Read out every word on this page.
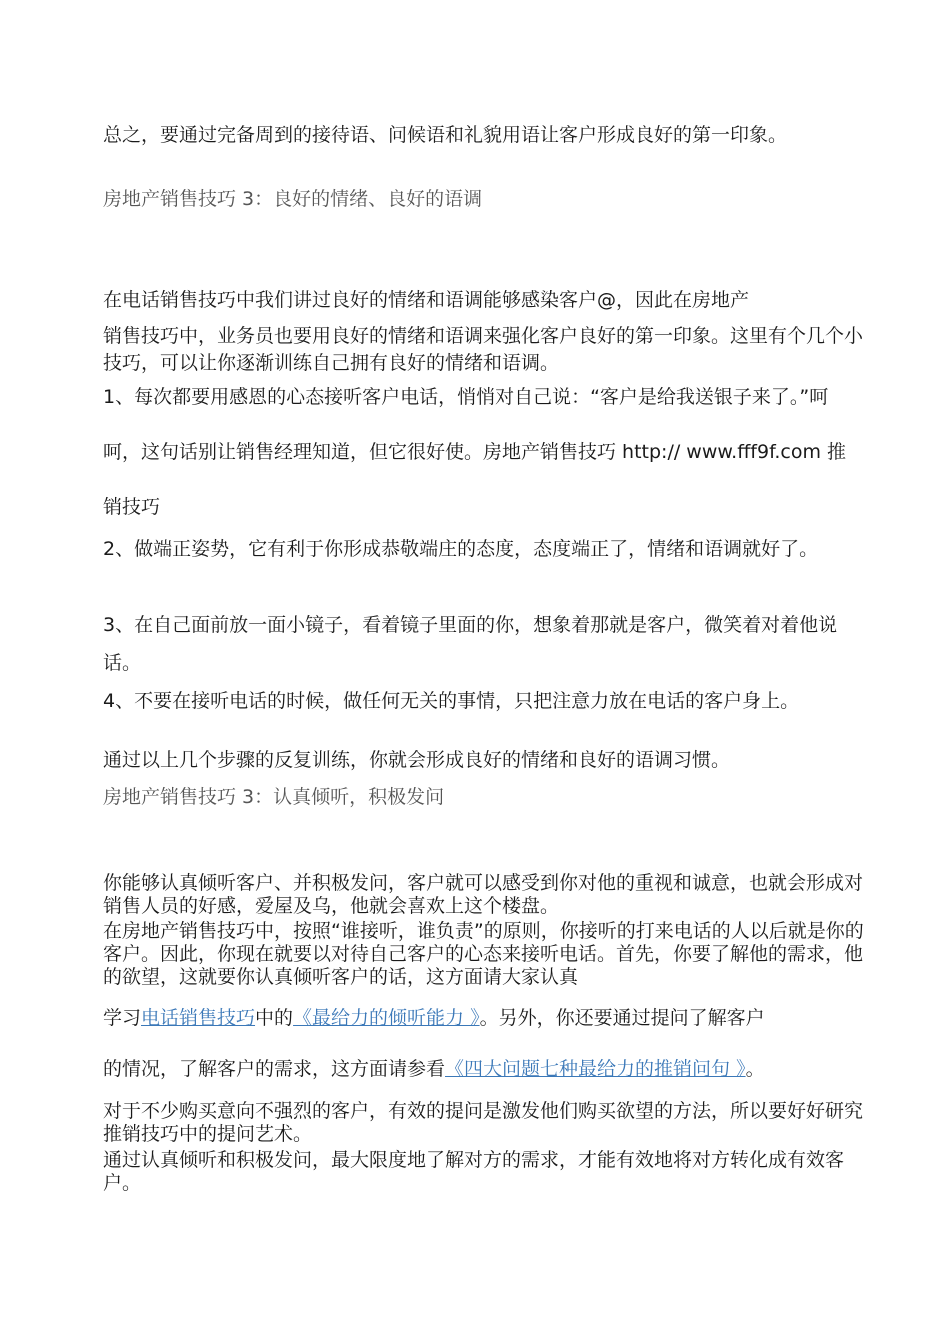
总之，要通过完备周到的接待语、问候语和礼貌用语让客户形成良好的第一印象。

房地产销售技巧 3：良好的情绪、良好的语调

在电话销售技巧中我们讲过良好的情绪和语调能够感染客户@，因此在房地产

销售技巧中，业务员也要用良好的情绪和语调来强化客户良好的第一印象。这里有个几个小技巧，可以让你逐渐训练自己拥有良好的情绪和语调。

1、每次都要用感恩的心态接听客户电话，悄悄对自己说：“客户是给我送银子来了。”呵呵，这句话别让销售经理知道，但它很好使。房地产销售技巧 http:// www.fff9f.com 推销技巧

2、做端正姿势，它有利于你形成恭敬端庄的态度，态度端正了，情绪和语调就好了。

3、在自己面前放一面小镜子，看着镜子里面的你，想象着那就是客户，微笑着对着他说话。

4、不要在接听电话的时候，做任何无关的事情，只把注意力放在电话的客户身上。

通过以上几个步骤的反复训练，你就会形成良好的情绪和良好的语调习惯。

房地产销售技巧 3：认真倾听，积极发问

你能够认真倾听客户、并积极发问，客户就可以感受到你对他的重视和诚意，也就会形成对销售人员的好感，爱屋及乌，他就会喜欢上这个楼盘。

在房地产销售技巧中，按照“谁接听，谁负责”的原则，你接听的打来电话的人以后就是你的客户。因此，你现在就要以对待自己客户的心态来接听电话。首先，你要了解他的需求，他的欲望，这就要你认真倾听客户的话，这方面请大家认真

学习电话销售技巧中的《最给力的倾听能力 》。另外，你还要通过提问了解客户

的情况，了解客户的需求，这方面请参看《四大问题七种最给力的推销问句 》。

对于不少购买意向不强烈的客户，有效的提问是激发他们购买欲望的方法，所以要好好研究推销技巧中的提问艺术。

通过认真倾听和积极发问，最大限度地了解对方的需求，才能有效地将对方转化成有效客户。
